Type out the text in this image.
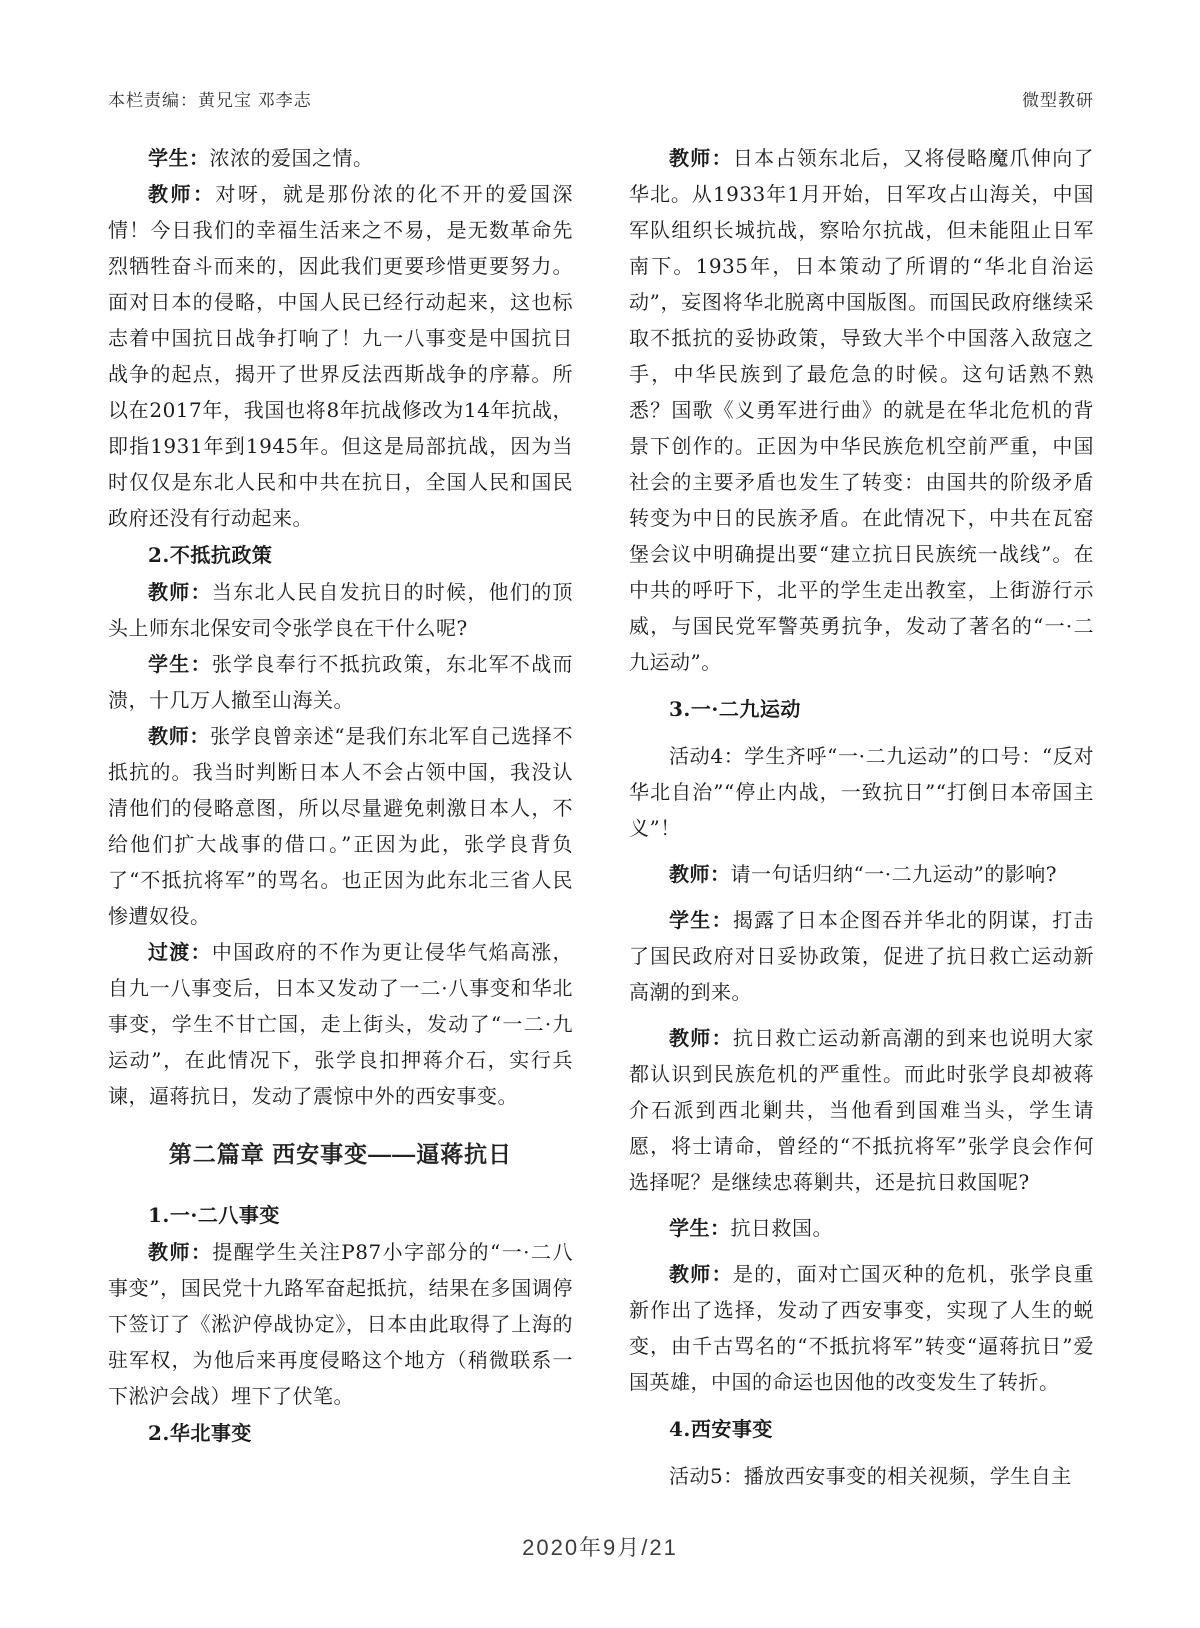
本栏责编：黄兄宝 邓李志	微型教研

学生：浓浓的爱国之情。

教师：对呀，就是那份浓的化不开的爱国深情！今日我们的幸福生活来之不易，是无数革命先烈牺牲奋斗而来的，因此我们更要珍惜更要努力。面对日本的侵略，中国人民已经行动起来，这也标志着中国抗日战争打响了！九一八事变是中国抗日战争的起点，揭开了世界反法西斯战争的序幕。所以在2017年，我国也将8年抗战修改为14年抗战，即指1931年到1945年。但这是局部抗战，因为当时仅仅是东北人民和中共在抗日，全国人民和国民政府还没有行动起来。

2.不抵抗政策

教师：当东北人民自发抗日的时候，他们的顶头上师东北保安司令张学良在干什么呢?

学生：张学良奉行不抵抗政策，东北军不战而溃，十几万人撤至山海关。

教师：张学良曾亲述“是我们东北军自己选择不抵抗的。我当时判断日本人不会占领中国，我没认清他们的侵略意图，所以尽量避免刺激日本人，不给他们扩大战事的借口。”正因为此，张学良背负了“不抵抗将军”的骂名。也正因为此东北三省人民惨遭奴役。

过渡：中国政府的不作为更让侵华气焰高涨，自九一八事变后，日本又发动了一二·八事变和华北事变，学生不甘亡国，走上街头，发动了“一二·九运动”，在此情况下，张学良扣押蒋介石，实行兵谏，逼蒋抗日，发动了震惊中外的西安事变。

第二篇章 西安事变——逼蒋抗日
1.一·二八事变

教师：提醒学生关注P87小字部分的“一·二八事变”，国民党十九路军奋起抵抗，结果在多国调停下签订了《淞沪停战协定》，日本由此取得了上海的驻军权，为他后来再度侵略这个地方（稍微联系一下淞沪会战）埋下了伏笔。

2.华北事变

教师：日本占领东北后，又将侵略魔爪伸向了华北。从1933年1月开始，日军攻占山海关，中国军队组织长城抗战，察哈尔抗战，但未能阻止日军南下。1935年，日本策动了所谓的“华北自治运动”，妄图将华北脱离中国版图。而国民政府继续采取不抵抗的妥协政策，导致大半个中国落入敌寇之手，中华民族到了最危急的时候。这句话熟不熟悉？国歌《义勇军进行曲》的就是在华北危机的背景下创作的。正因为中华民族危机空前严重，中国社会的主要矛盾也发生了转变：由国共的阶级矛盾转变为中日的民族矛盾。在此情况下，中共在瓦窑堡会议中明确提出要“建立抗日民族统一战线”。在中共的呼吁下，北平的学生走出教室，上街游行示威，与国民党军警英勇抗争，发动了著名的“一·二九运动”。

3.一·二九运动

活动4：学生齐呼“一·二九运动”的口号：“反对华北自治”“停止内战，一致抗日”“打倒日本帝国主义”！

教师：请一句话归纳“一·二九运动”的影响?

学生：揭露了日本企图吞并华北的阴谋，打击了国民政府对日妥协政策，促进了抗日救亡运动新高潮的到来。

教师：抗日救亡运动新高潮的到来也说明大家都认识到民族危机的严重性。而此时张学良却被蒋介石派到西北剿共，当他看到国难当头，学生请愿，将士请命，曾经的“不抵抗将军”张学良会作何选择呢？是继续忠蒋剿共，还是抗日救国呢?

学生：抗日救国。

教师：是的，面对亡国灭种的危机，张学良重新作出了选择，发动了西安事变，实现了人生的蜕变，由千古骂名的“不抵抗将军”转变“逼蒋抗日”爱国英雄，中国的命运也因他的改变发生了转折。

4.西安事变

活动5：播放西安事变的相关视频，学生自主

2020年9月/21
